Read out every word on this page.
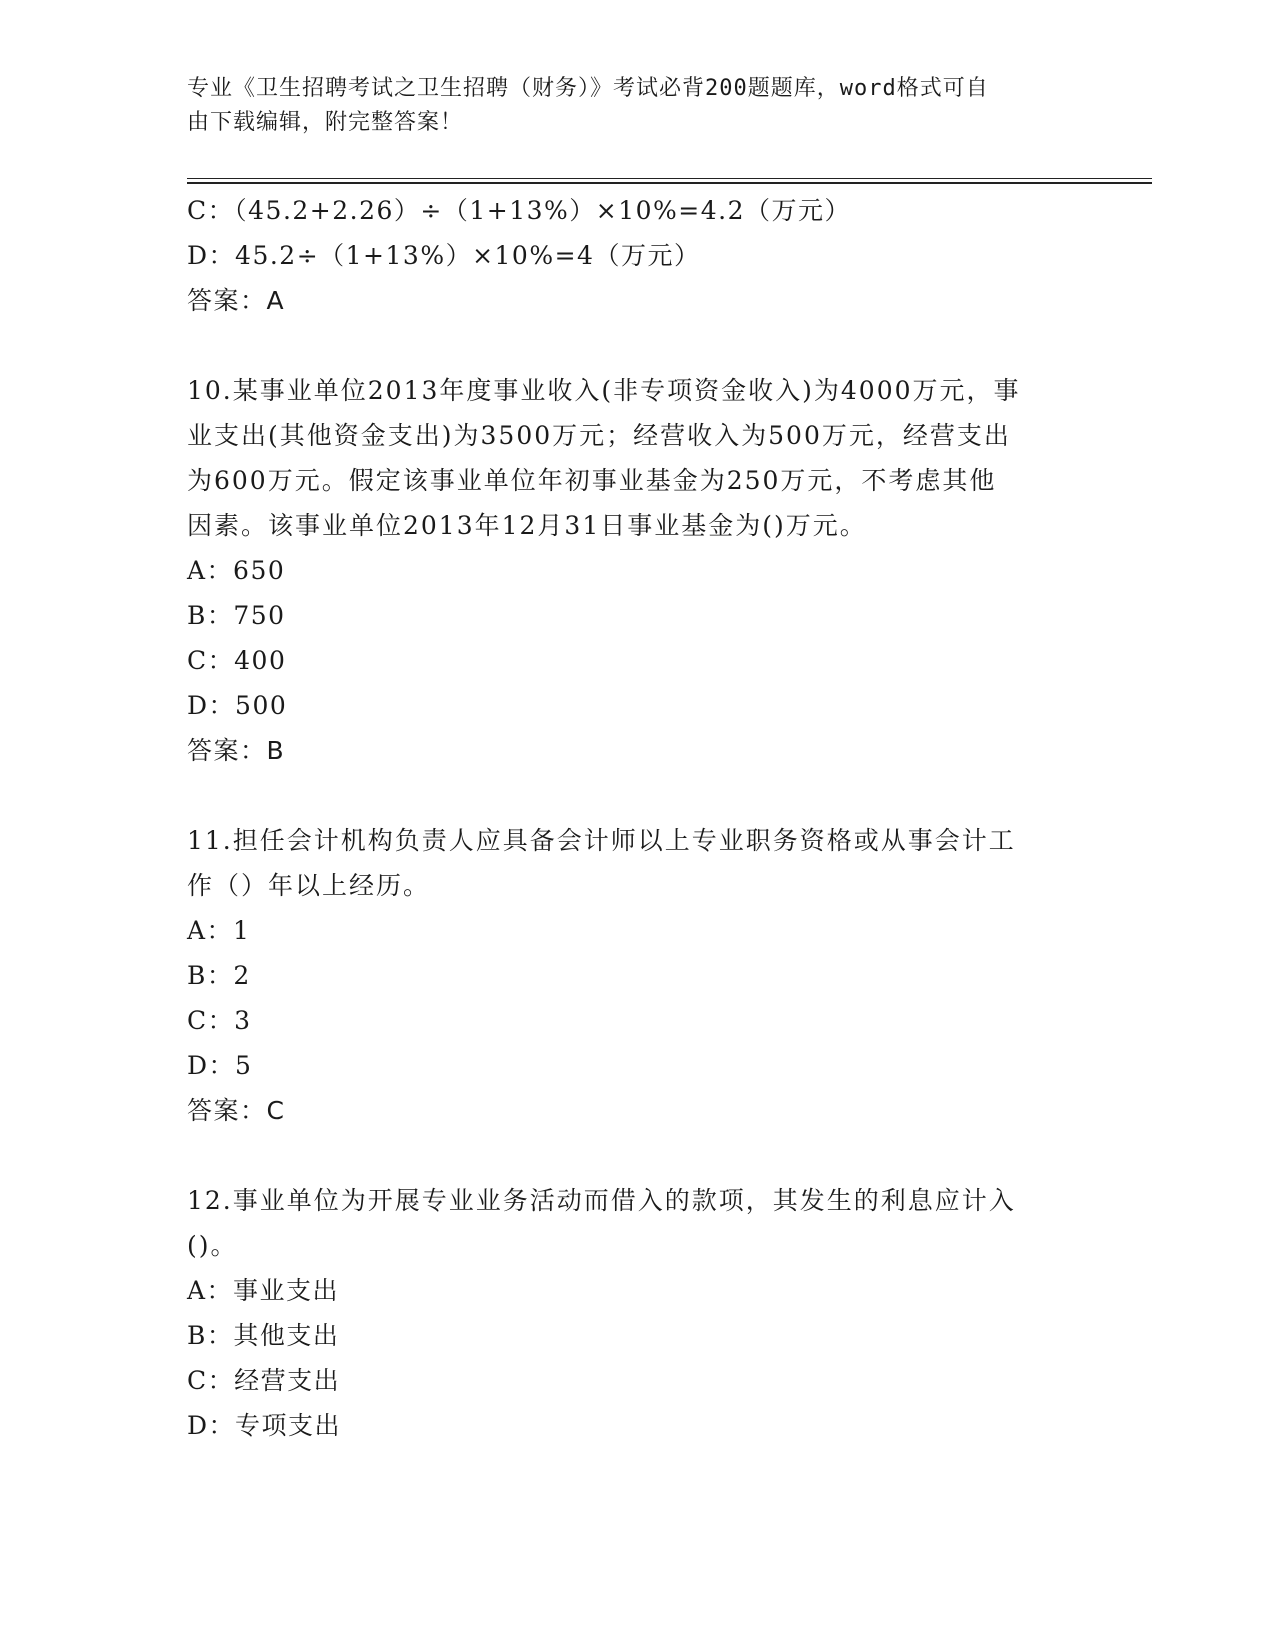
专业《卫生招聘考试之卫生招聘（财务）》考试必背200题题库，word格式可自
由下载编辑，附完整答案！
C：（45.2+2.26）÷（1+13%）×10%=4.2（万元）
D：45.2÷（1+13%）×10%=4（万元）
答案：A
10.某事业单位2013年度事业收入(非专项资金收入)为4000万元，事
业支出(其他资金支出)为3500万元；经营收入为500万元，经营支出
为600万元。假定该事业单位年初事业基金为250万元，不考虑其他
因素。该事业单位2013年12月31日事业基金为()万元。
A：650
B：750
C：400
D：500
答案：B
11.担任会计机构负责人应具备会计师以上专业职务资格或从事会计工
作（）年以上经历。
A：1
B：2
C：3
D：5
答案：C
12.事业单位为开展专业业务活动而借入的款项，其发生的利息应计入
()。
A：事业支出
B：其他支出
C：经营支出
D：专项支出
